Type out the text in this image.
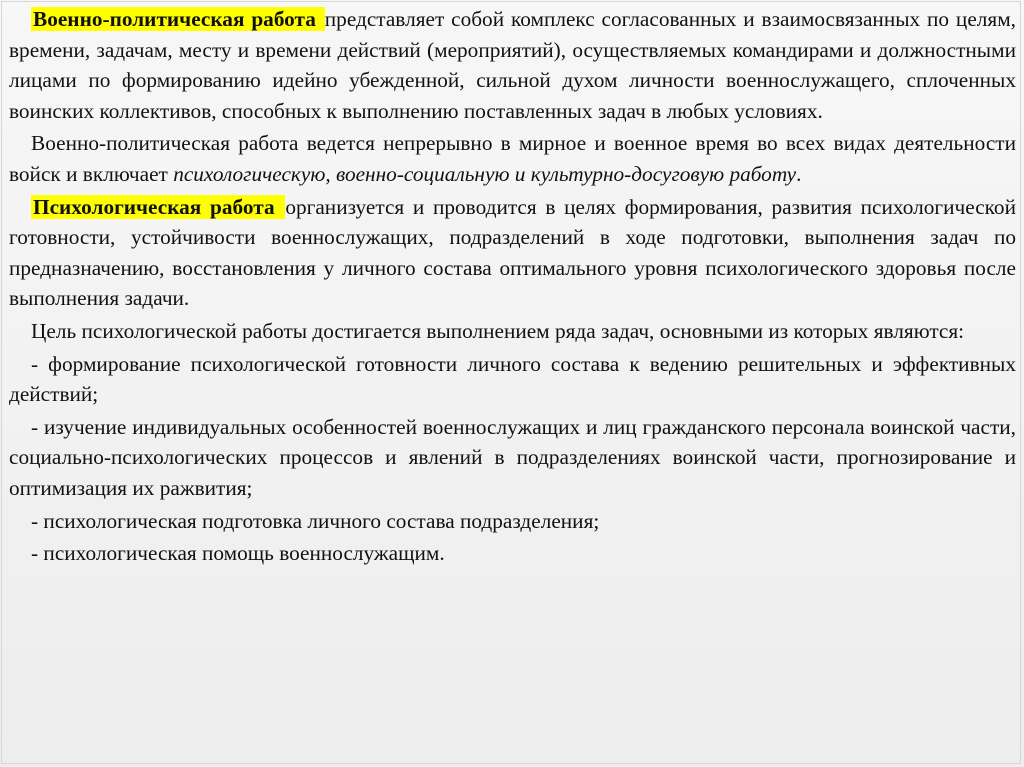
Военно-политическая работа представляет собой комплекс согласованных и взаимосвязанных по целям, времени, задачам, месту и времени действий (мероприятий), осуществляемых командирами и должностными лицами по формированию идейно убежденной, сильной духом личности военнослужащего, сплоченных воинских коллективов, способных к выполнению поставленных задач в любых условиях.

Военно-политическая работа ведется непрерывно в мирное и военное время во всех видах деятельности войск и включает психологическую, военно-социальную и культурно-досуговую работу.

Психологическая работа организуется и проводится в целях формирования, развития психологической готовности, устойчивости военнослужащих, подразделений в ходе подготовки, выполнения задач по предназначению, восстановления у личного состава оптимального уровня психологического здоровья после выполнения задачи.

Цель психологической работы достигается выполнением ряда задач, основными из которых являются:

- формирование психологической готовности личного состава к ведению решительных и эффективных действий;

- изучение индивидуальных особенностей военнослужащих и лиц гражданского персонала воинской части, социально-психологических процессов и явлений в подразделениях воинской части, прогнозирование и оптимизация их ражвития;

- психологическая подготовка личного состава подразделения;

- психологическая помощь военнослужащим.
